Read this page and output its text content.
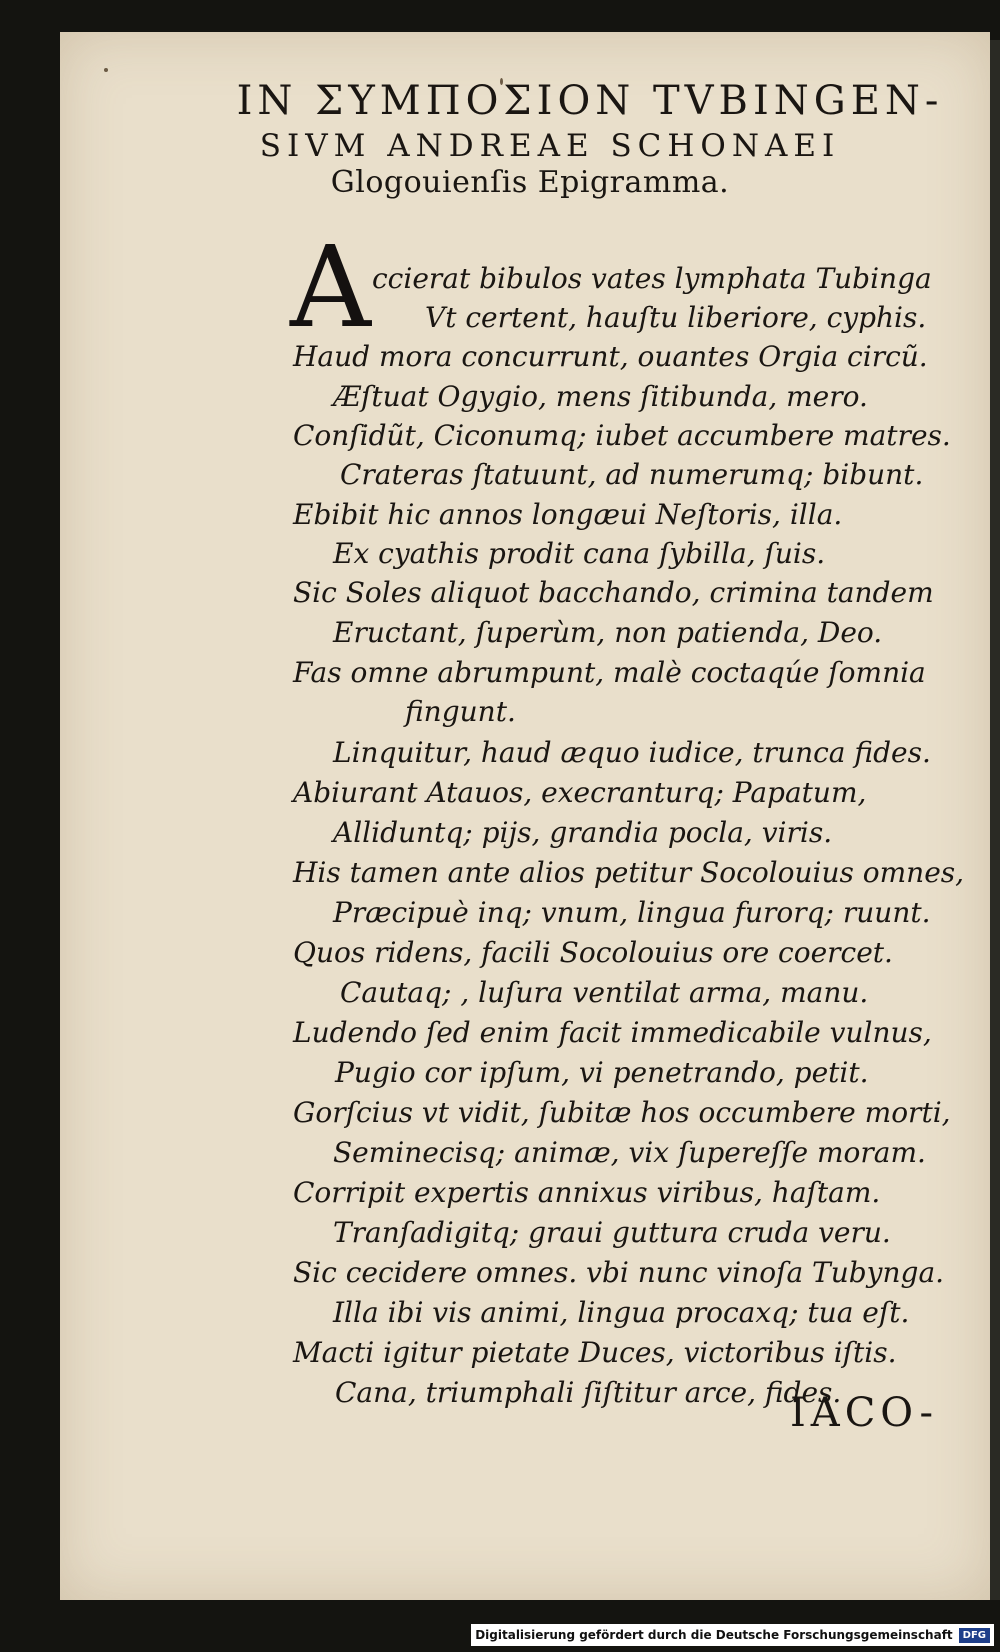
IN ΣΥΜΠΟΣΙΟΝ TVBINGEN-
SIVM ANDREAE SCHONAEI
Glogouienſis Epigramma.
A ccierat bibulos vates lymphata Tubinga
Vt certent, hauſtu liberiore, cyphis.
Haud mora concurrunt, ouantes Orgia circũ.
Æſtuat Ogygio, mens ſitibunda, mero.
Conſidũt, Ciconumq; iubet accumbere matres.
Crateras ſtatuunt, ad numerumq; bibunt.
Ebibit hic annos longæui Neſtoris, illa.
Ex cyathis prodit cana ſybilla, ſuis.
Sic Soles aliquot bacchando, crimina tandem
Eructant, ſuperùm, non patienda, Deo.
Fas omne abrumpunt, malè coctaqúe ſomnia
fingunt.
Linquitur, haud æquo iudice, trunca fides.
Abiurant Atauos, execranturq; Papatum,
Alliduntq; pijs, grandia pocla, viris.
His tamen ante alios petitur Socolouius omnes,
Præcipuè inq; vnum, lingua furorq; ruunt.
Quos ridens, facili Socolouius ore coercet.
Cautaq; , luſura ventilat arma, manu.
Ludendo ſed enim facit immedicabile vulnus,
Pugio cor ipſum, vi penetrando, petit.
Gorſcius vt vidit, ſubitæ hos occumbere morti,
Seminecisq; animæ, vix ſupereſſe moram.
Corripit expertis annixus viribus, haſtam.
Tranſadigitq; graui guttura cruda veru.
Sic cecidere omnes. vbi nunc vinoſa Tubynga.
Illa ibi vis animi, lingua procaxq; tua eſt.
Macti igitur pietate Duces, victoribus iſtis.
Cana, triumphali ſiſtitur arce, fides.
IACO-
Digitalisierung gefördert durch die Deutsche Forschungsgemeinschaft	DFG
